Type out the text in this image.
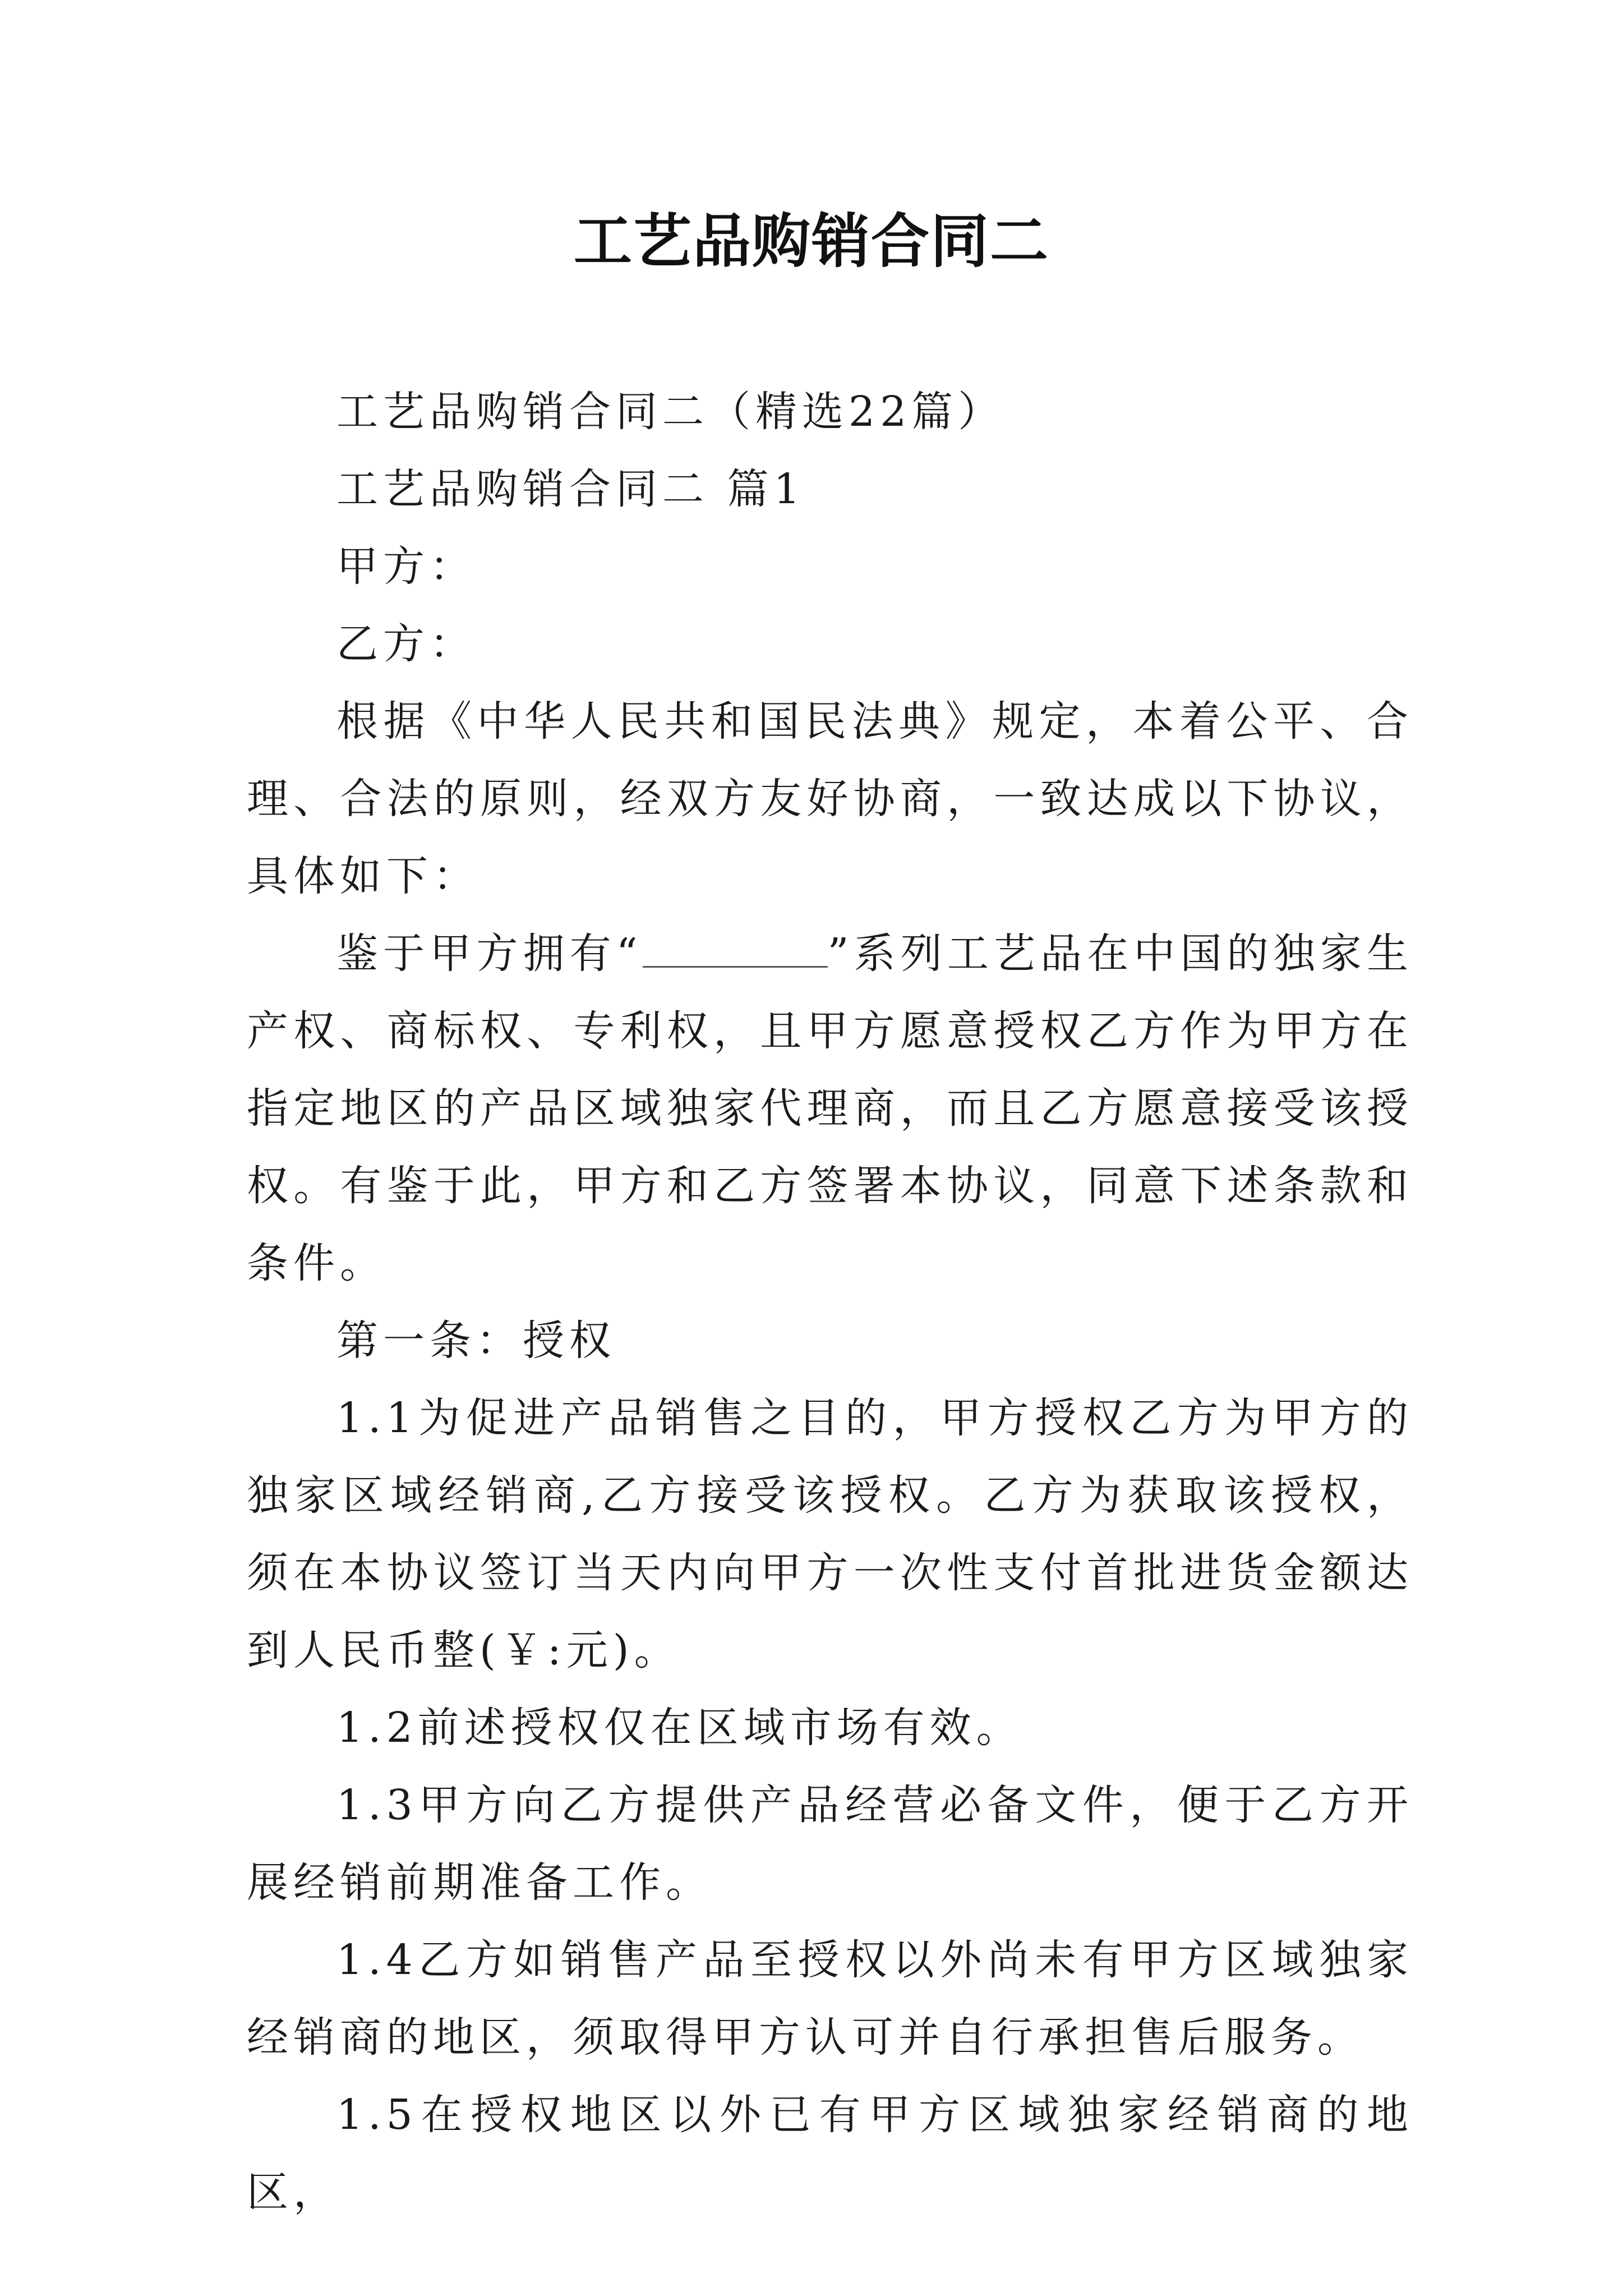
工艺品购销合同二

工艺品购销合同二（精选22篇）

工艺品购销合同二 篇1

甲方：

乙方：

根据《中华人民共和国民法典》规定，本着公平、合理、合法的原则，经双方友好协商，一致达成以下协议，具体如下：

鉴于甲方拥有“	”系列工艺品在中国的独家生产权、商标权、专利权，且甲方愿意授权乙方作为甲方在指定地区的产品区域独家代理商，而且乙方愿意接受该授权。有鉴于此，甲方和乙方签署本协议，同意下述条款和条件。

第一条：授权

1.1为促进产品销售之目的，甲方授权乙方为甲方的独家区域经销商,乙方接受该授权。乙方为获取该授权，须在本协议签订当天内向甲方一次性支付首批进货金额达到人民币整(￥:元)。

1.2前述授权仅在区域市场有效。

1.3甲方向乙方提供产品经营必备文件，便于乙方开展经销前期准备工作。

1.4乙方如销售产品至授权以外尚未有甲方区域独家经销商的地区，须取得甲方认可并自行承担售后服务。

1.5在授权地区以外已有甲方区域独家经销商的地区，
